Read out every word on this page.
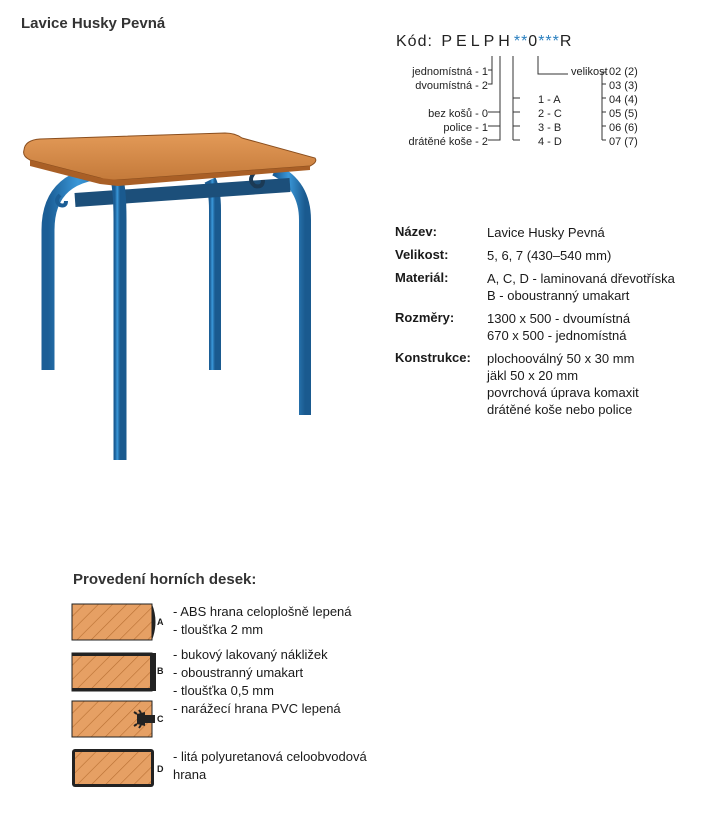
Lavice Husky Pevná
Kód: PELPH**0***R
jednomístná - 1
dvoumístná - 2
bez košů - 0
police - 1
drátěné koše - 2
1 - A
2 - C
3 - B
4 - D
velikost 02 (2)
03 (3)
04 (4)
05 (5)
06 (6)
07 (7)
Název:	Lavice Husky Pevná
Velikost:	5, 6, 7 (430–540 mm)
Materiál:	A, C, D - laminovaná dřevotříska
B - oboustranný umakart
Rozměry:	1300 x 500 - dvoumístná
670 x 500 - jednomístná
Konstrukce:	plochooválný 50 x 30 mm
jäkl 50 x 20 mm
povrchová úprava komaxit
drátěné koše nebo police
Provedení horních desek:
A
- ABS hrana celoplošně lepená
- tloušťka 2 mm
B
- bukový lakovaný nákližek
- oboustranný umakart
- tloušťka 0,5 mm
C
- narážecí hrana PVC lepená
D
- litá polyuretanová celoobvodová
hrana
